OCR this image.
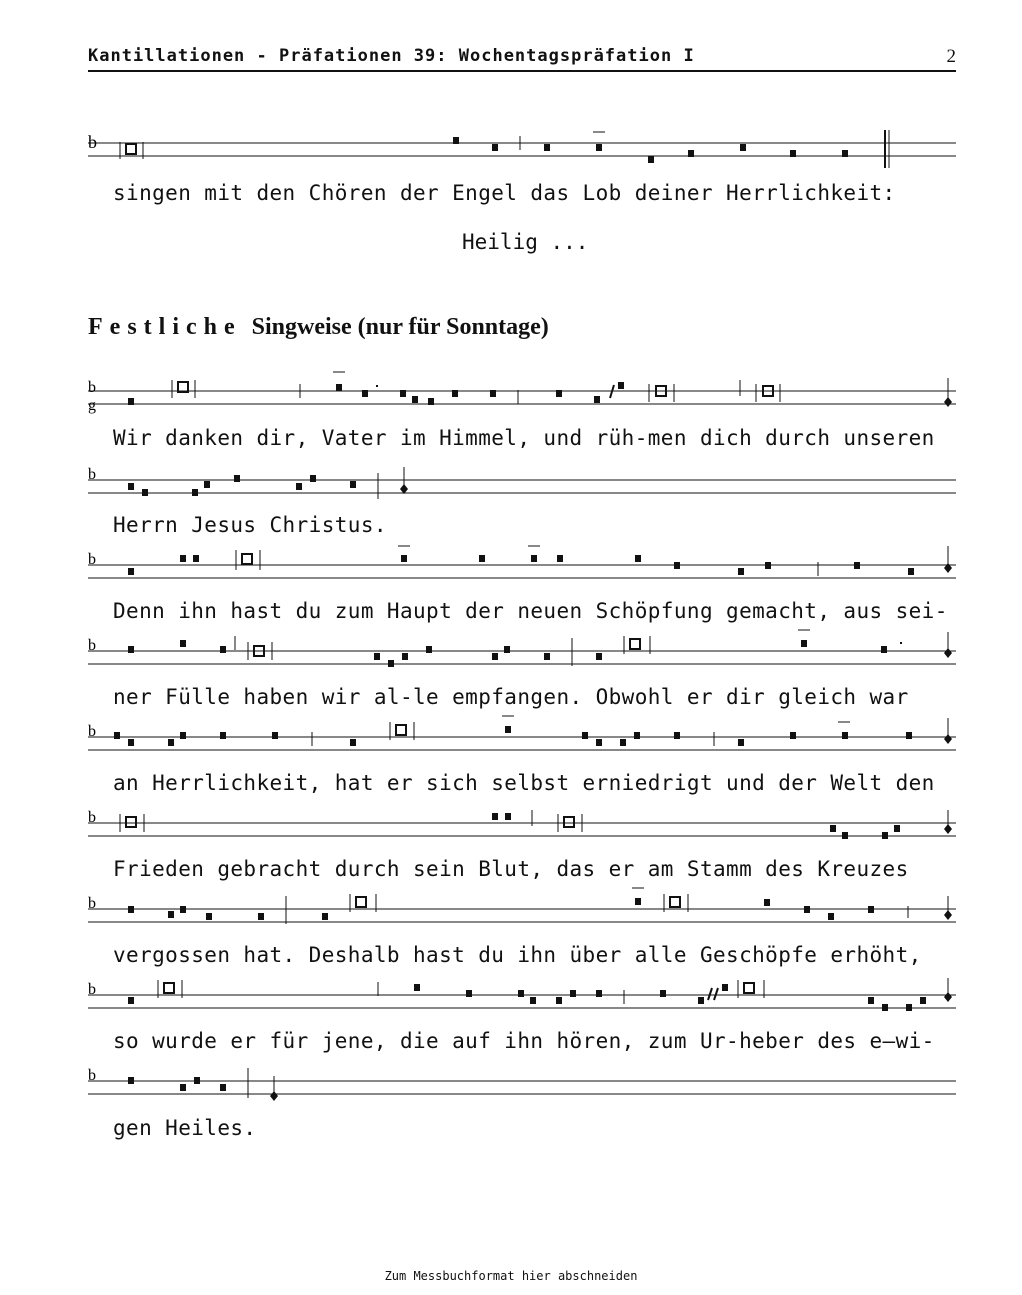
Kantillationen - Präfationen 39: Wochentagspräfation I	2
b
singen mit den Chören der Engel das Lob deiner Herrlichkeit:
Heilig ...
Festliche Singweise (nur für Sonntage)
b
g
Wir danken dir, Vater im Himmel, und rüh-men dich durch unseren
b
Herrn Jesus Christus.
b
Denn ihn hast du zum Haupt der neuen Schöpfung gemacht, aus sei-
b
ner Fülle haben wir al-le empfangen. Obwohl er dir gleich war
b
an Herrlichkeit, hat er sich selbst erniedrigt und der Welt den
b
Frieden gebracht durch sein Blut, das er am Stamm des Kreuzes
b
vergossen hat. Deshalb hast du ihn über alle Geschöpfe erhöht,
b
so wurde er für jene, die auf ihn hören, zum Ur-heber des e—wi-
b
gen Heiles.
Zum Messbuchformat hier abschneiden
